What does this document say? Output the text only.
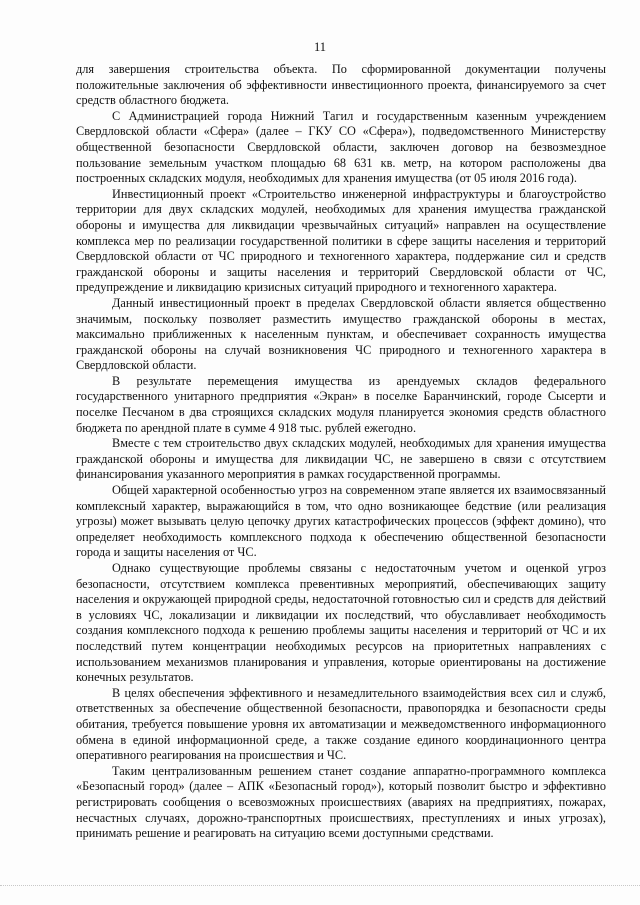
11

для завершения строительства объекта. По сформированной документации получены положительные заключения об эффективности инвестиционного проекта, финансируемого за счет средств областного бюджета.

С Администрацией города Нижний Тагил и государственным казенным учреждением Свердловской области «Сфера» (далее – ГКУ СО «Сфера»), подведомственного Министерству общественной безопасности Свердловской области, заключен договор на безвозмездное пользование земельным участком площадью 68 631 кв. метр, на котором расположены два построенных складских модуля, необходимых для хранения имущества (от 05 июля 2016 года).

Инвестиционный проект «Строительство инженерной инфраструктуры и благоустройство территории для двух складских модулей, необходимых для хранения имущества гражданской обороны и имущества для ликвидации чрезвычайных ситуаций» направлен на осуществление комплекса мер по реализации государственной политики в сфере защиты населения и территорий Свердловской области от ЧС природного и техногенного характера, поддержание сил и средств гражданской обороны и защиты населения и территорий Свердловской области от ЧС, предупреждение и ликвидацию кризисных ситуаций природного и техногенного характера.

Данный инвестиционный проект в пределах Свердловской области является общественно значимым, поскольку позволяет разместить имущество гражданской обороны в местах, максимально приближенных к населенным пунктам, и обеспечивает сохранность имущества гражданской обороны на случай возникновения ЧС природного и техногенного характера в Свердловской области.

В результате перемещения имущества из арендуемых складов федерального государственного унитарного предприятия «Экран» в поселке Баранчинский, городе Сысерти и поселке Песчаном в два строящихся складских модуля планируется экономия средств областного бюджета по арендной плате в сумме 4 918 тыс. рублей ежегодно.

Вместе с тем строительство двух складских модулей, необходимых для хранения имущества гражданской обороны и имущества для ликвидации ЧС, не завершено в связи с отсутствием финансирования указанного мероприятия в рамках государственной программы.

Общей характерной особенностью угроз на современном этапе является их взаимосвязанный комплексный характер, выражающийся в том, что одно возникающее бедствие (или реализация угрозы) может вызывать целую цепочку других катастрофических процессов (эффект домино), что определяет необходимость комплексного подхода к обеспечению общественной безопасности города и защиты населения от ЧС.

Однако существующие проблемы связаны с недостаточным учетом и оценкой угроз безопасности, отсутствием комплекса превентивных мероприятий, обеспечивающих защиту населения и окружающей природной среды, недостаточной готовностью сил и средств для действий в условиях ЧС, локализации и ликвидации их последствий, что обуславливает необходимость создания комплексного подхода к решению проблемы защиты населения и территорий от ЧС и их последствий путем концентрации необходимых ресурсов на приоритетных направлениях с использованием механизмов планирования и управления, которые ориентированы на достижение конечных результатов.

В целях обеспечения эффективного и незамедлительного взаимодействия всех сил и служб, ответственных за обеспечение общественной безопасности, правопорядка и безопасности среды обитания, требуется повышение уровня их автоматизации и межведомственного информационного обмена в единой информационной среде, а также создание единого координационного центра оперативного реагирования на происшествия и ЧС.

Таким централизованным решением станет создание аппаратно-программного комплекса «Безопасный город» (далее – АПК «Безопасный город»), который позволит быстро и эффективно регистрировать сообщения о всевозможных происшествиях (авариях на предприятиях, пожарах, несчастных случаях, дорожно-транспортных происшествиях, преступлениях и иных угрозах), принимать решение и реагировать на ситуацию всеми доступными средствами.
